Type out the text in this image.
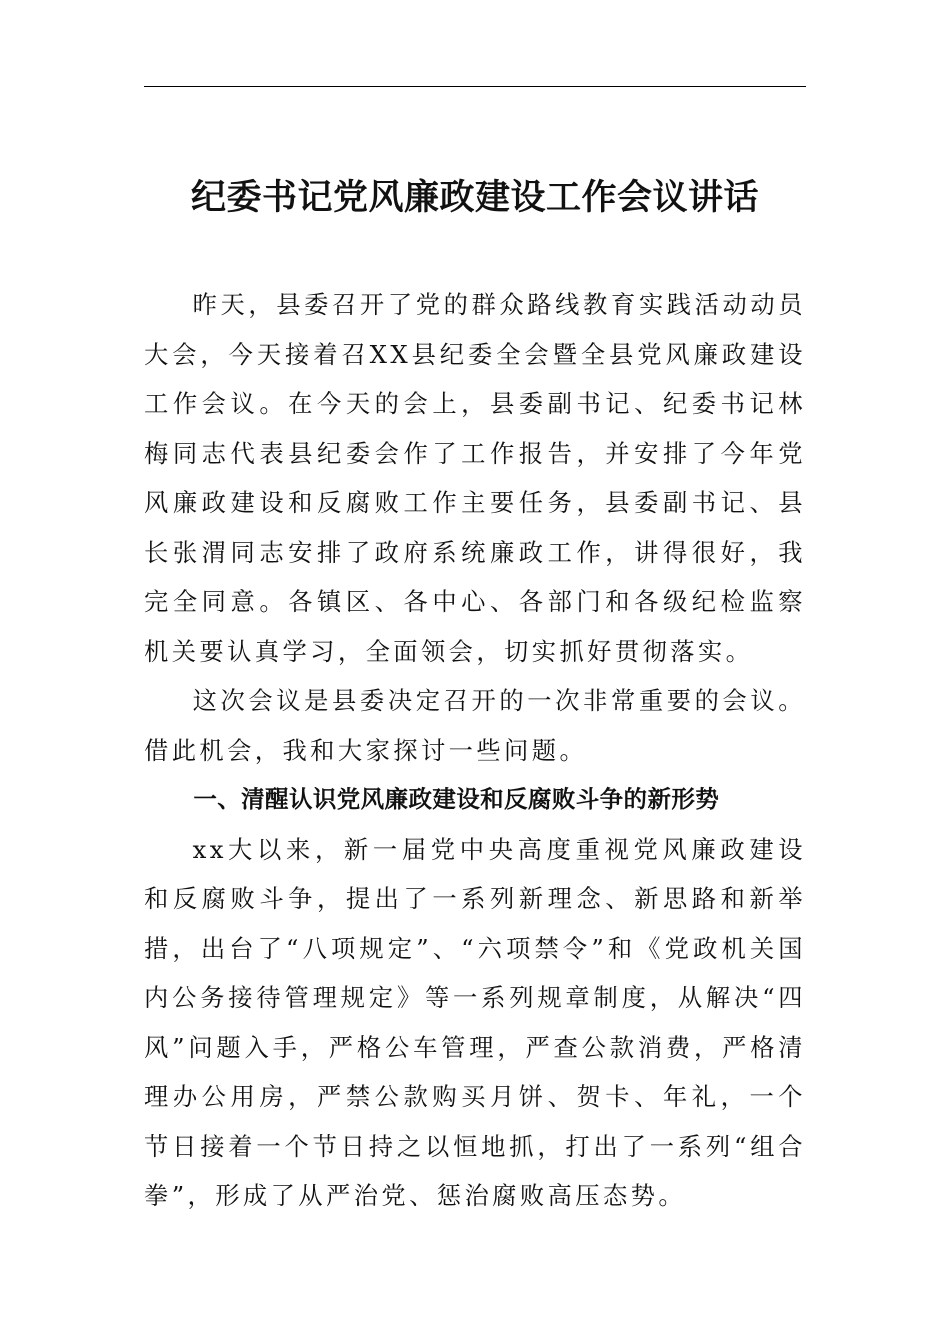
纪委书记党风廉政建设工作会议讲话

昨天，县委召开了党的群众路线教育实践活动动员大会，今天接着召XX县纪委全会暨全县党风廉政建设工作会议。在今天的会上，县委副书记、纪委书记林梅同志代表县纪委会作了工作报告，并安排了今年党风廉政建设和反腐败工作主要任务，县委副书记、县长张渭同志安排了政府系统廉政工作，讲得很好，我完全同意。各镇区、各中心、各部门和各级纪检监察机关要认真学习，全面领会，切实抓好贯彻落实。

这次会议是县委决定召开的一次非常重要的会议。借此机会，我和大家探讨一些问题。

一、清醒认识党风廉政建设和反腐败斗争的新形势

xx大以来，新一届党中央高度重视党风廉政建设和反腐败斗争，提出了一系列新理念、新思路和新举措，出台了“八项规定”、“六项禁令”和《党政机关国内公务接待管理规定》等一系列规章制度，从解决“四风”问题入手，严格公车管理，严查公款消费，严格清理办公用房，严禁公款购买月饼、贺卡、年礼，一个节日接着一个节日持之以恒地抓，打出了一系列“组合拳”，形成了从严治党、惩治腐败高压态势。
